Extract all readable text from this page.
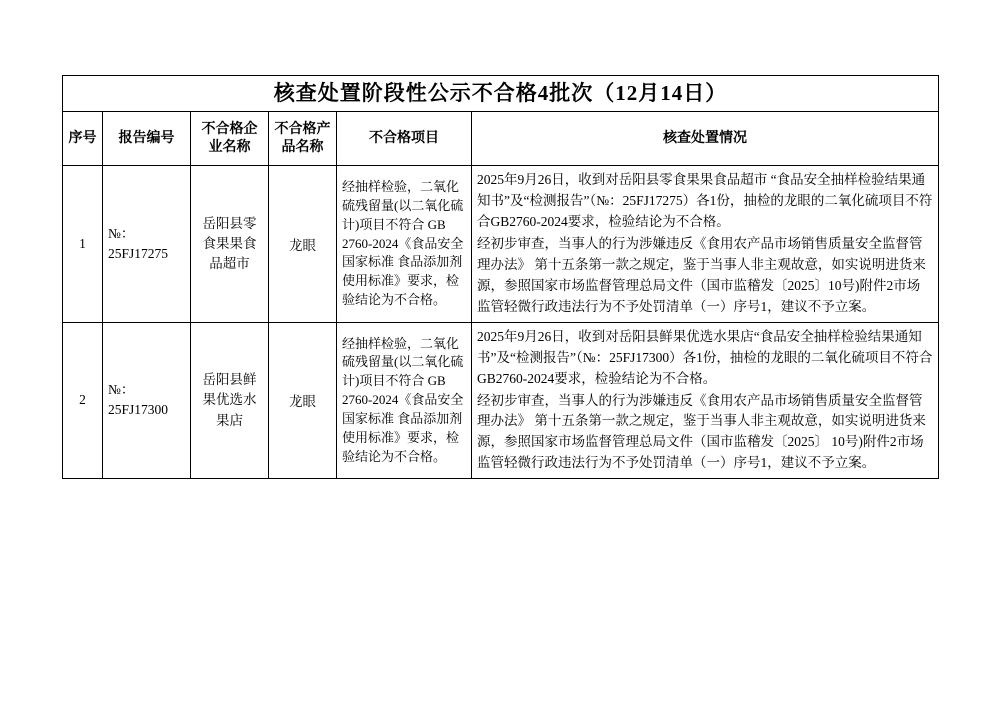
核查处置阶段性公示不合格4批次（12月14日）					
序号	报告编号	不合格企业名称	不合格产品名称	不合格项目	核查处置情况
1	№：25FJ17275	岳阳县零食果果食品超市	龙眼	经抽样检验，二氧化硫残留量(以二氧化硫计)项目不符合 GB 2760-2024《食品安全国家标准 食品添加剂使用标准》要求，检验结论为不合格。	2025年9月26日，收到对岳阳县零食果果食品超市 “食品安全抽样检验结果通知书”及“检测报告”（№：25FJ17275）各1份，抽检的龙眼的二氧化硫项目不符合GB2760-2024要求，检验结论为不合格。

经初步审查，当事人的行为涉嫌违反《食用农产品市场销售质量安全监督管理办法》 第十五条第一款之规定，鉴于当事人非主观故意，如实说明进货来源，参照国家市场监督管理总局文件（国市监稽发〔2025〕10号)附件2市场监管轻微行政违法行为不予处罚清单（一）序号1，建议不予立案。

2	№：25FJ17300	岳阳县鲜果优选水果店	龙眼	经抽样检验，二氧化硫残留量(以二氧化硫计)项目不符合 GB 2760-2024《食品安全国家标准 食品添加剂使用标准》要求，检验结论为不合格。	2025年9月26日，收到对岳阳县鲜果优选水果店“食品安全抽样检验结果通知书”及“检测报告”（№：25FJ17300）各1份，抽检的龙眼的二氧化硫项目不符合GB2760-2024要求，检验结论为不合格。

经初步审查，当事人的行为涉嫌违反《食用农产品市场销售质量安全监督管理办法》 第十五条第一款之规定，鉴于当事人非主观故意，如实说明进货来源，参照国家市场监督管理总局文件（国市监稽发〔2025〕 10号)附件2市场监管轻微行政违法行为不予处罚清单（一）序号1，建议不予立案。
